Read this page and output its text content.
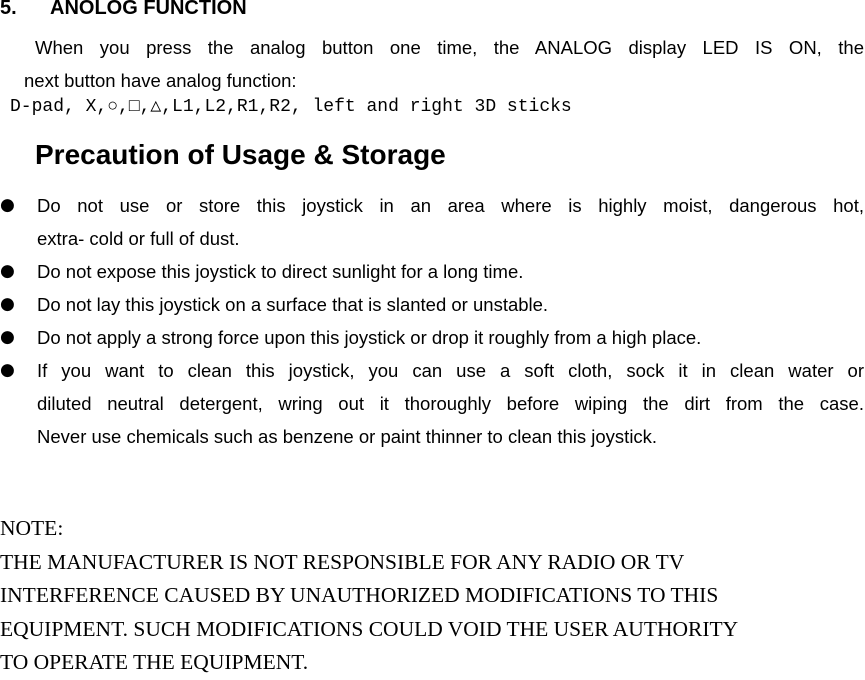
5. ANOLOG FUNCTION
When you press the analog button one time, the ANALOG display LED IS ON, the
next button have analog function:
D-pad, X,○,□,△,L1,L2,R1,R2, left and right 3D sticks
Precaution of Usage & Storage
● Do not use or store this joystick in an area where is highly moist, dangerous hot,
extra- cold or full of dust.
● Do not expose this joystick to direct sunlight for a long time.
● Do not lay this joystick on a surface that is slanted or unstable.
● Do not apply a strong force upon this joystick or drop it roughly from a high place.
● If you want to clean this joystick, you can use a soft cloth, sock it in clean water or
diluted neutral detergent, wring out it thoroughly before wiping the dirt from the case.
Never use chemicals such as benzene or paint thinner to clean this joystick.
NOTE:
THE MANUFACTURER IS NOT RESPONSIBLE FOR ANY RADIO OR TV
INTERFERENCE CAUSED BY UNAUTHORIZED MODIFICATIONS TO THIS
EQUIPMENT. SUCH MODIFICATIONS COULD VOID THE USER AUTHORITY
TO OPERATE THE EQUIPMENT.
